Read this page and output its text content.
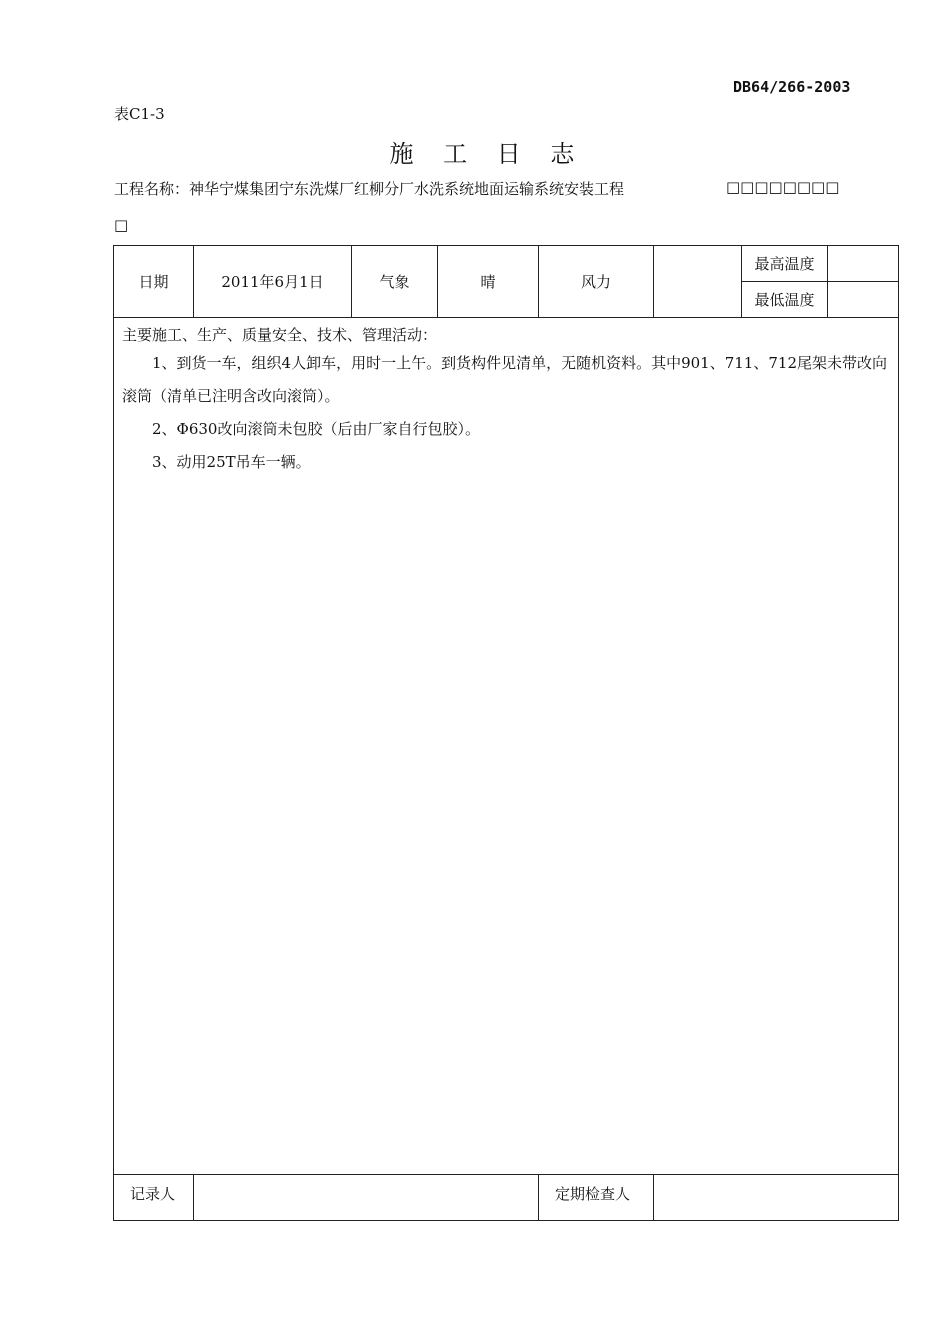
DB64/266-2003
表C1-3
施 工 日 志
工程名称：神华宁煤集团宁东洗煤厂红柳分厂水洗系统地面运输系统安装工程	□□□□□□□□
□
日期	2011年6月1日	气象	晴	风力		最高温度	
						最低温度	

主要施工、生产、质量安全、技术、管理活动：
1、到货一车，组织4人卸车，用时一上午。到货构件见清单，无随机资料。其中901、711、712尾架未带改向滚筒（清单已注明含改向滚筒）。
2、Φ630改向滚筒未包胶（后由厂家自行包胶）。
3、动用25T吊车一辆。							

记录人				定期检查人			
